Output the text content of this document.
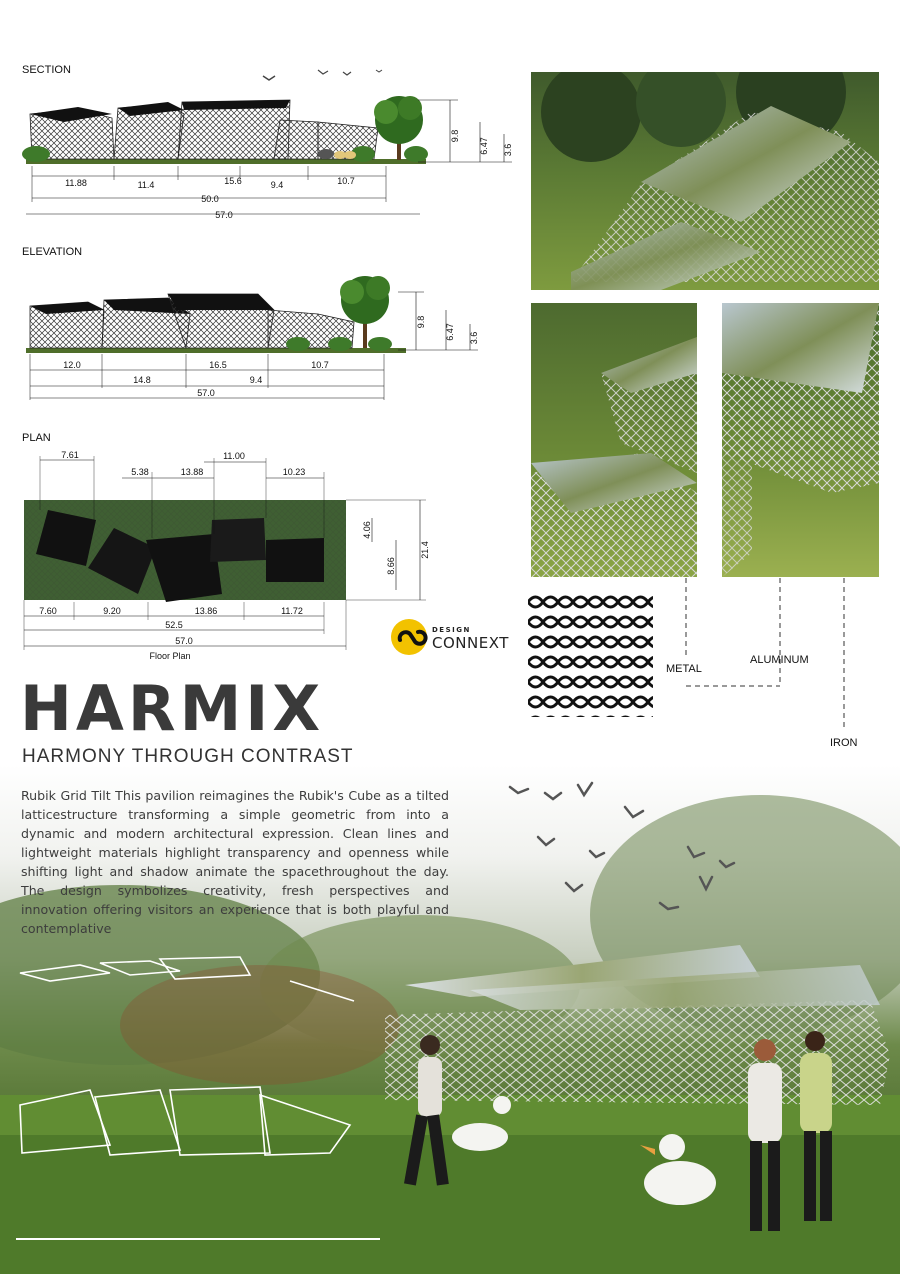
SECTION
9.8
6.47 3.6
11.88	11.4	15.6	9.4	10.7
50.0
57.0
ELEVATION
9.8
6.47 3.6
12.0	16.5	10.7
14.8	9.4
57.0
PLAN
7.61
5.38	13.88
11.00
10.23
4.06
8.66
21.4
7.60	9.20	13.86	11.72
52.5
57.0
Floor Plan
DESIGN
CONNEXT
METAL
ALUMINUM
IRON
HARMIX
HARMONY THROUGH CONTRAST
Rubik Grid Tilt This pavilion reimagines the Rubik's Cube as a tilted latticestructure transforming a simple geometric from into a dynamic and modern architectural expression. Clean lines and lightweight materials highlight transparency and openness while shifting light and shadow animate the spacethroughout the day. The design symbolizes creativity, fresh perspectives and innovation offering visitors an experience that is both playful and contemplative
